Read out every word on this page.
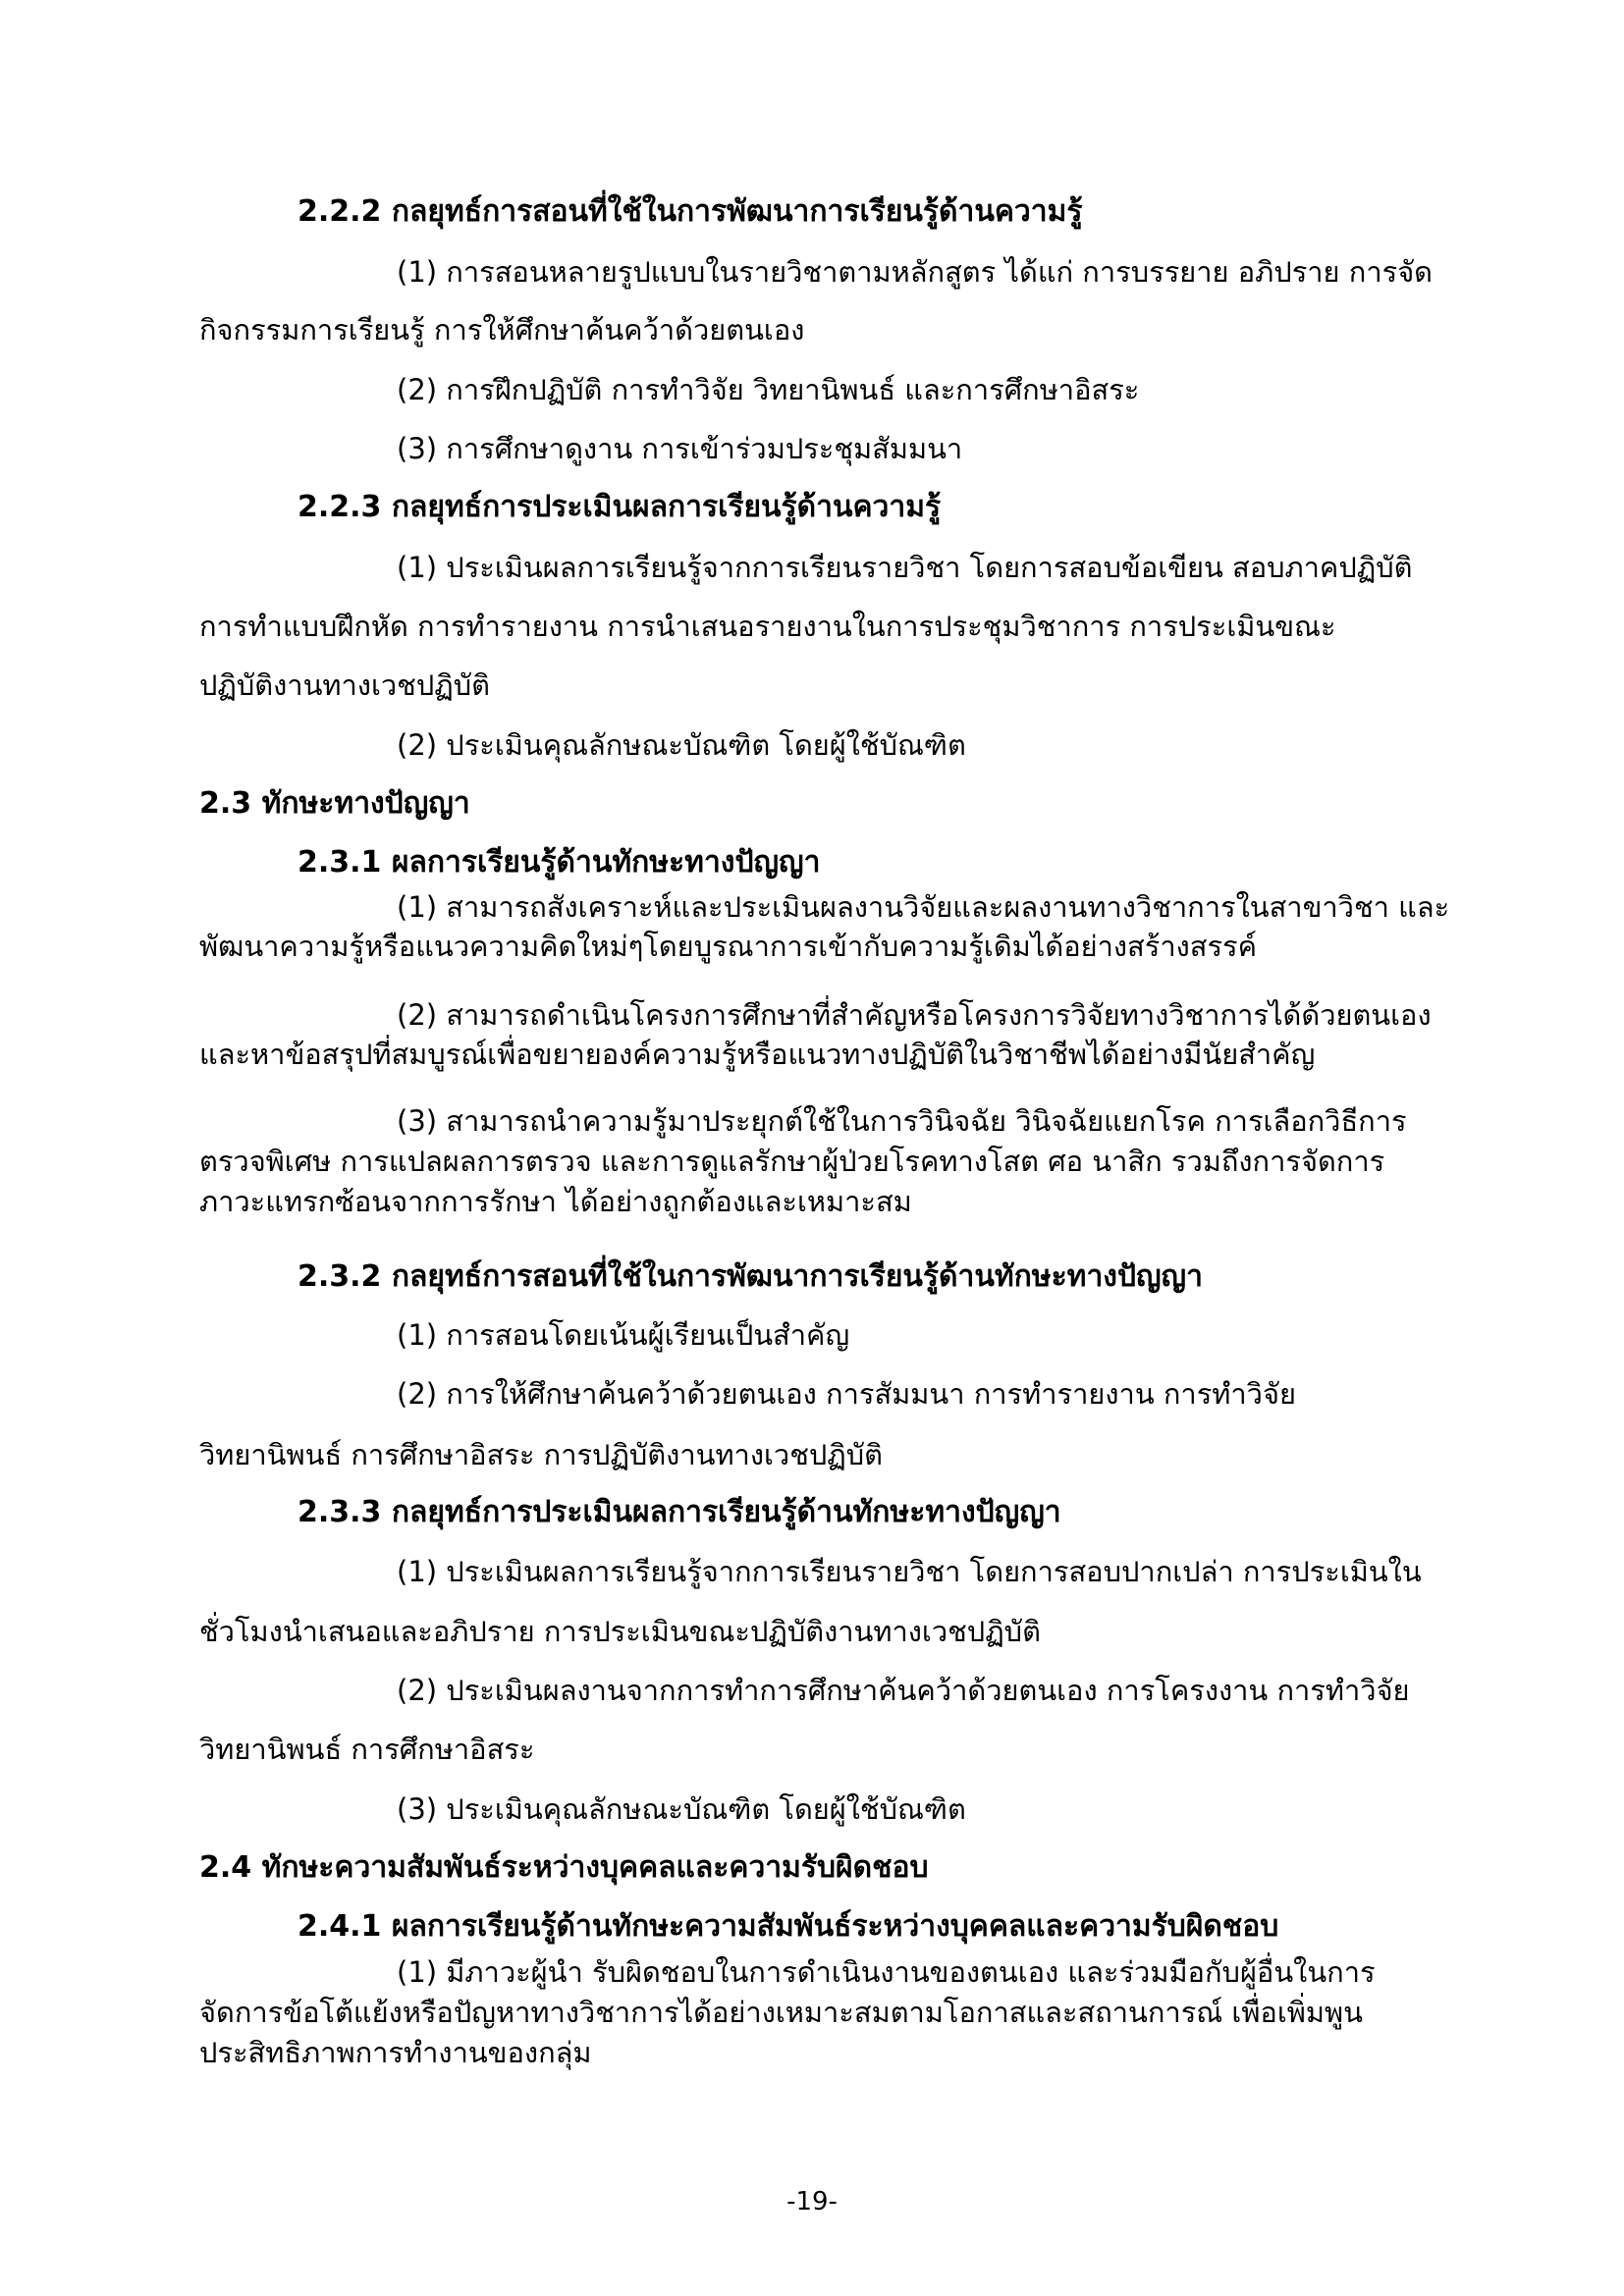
2.2.2 กลยุทธ์การสอนที่ใช้ในการพัฒนาการเรียนรู้ด้านความรู้
(1) การสอนหลายรูปแบบในรายวิชาตามหลักสูตร ได้แก่ การบรรยาย อภิปราย การจัด
กิจกรรมการเรียนรู้ การให้ศึกษาค้นคว้าด้วยตนเอง
(2) การฝึกปฏิบัติ การทำวิจัย วิทยานิพนธ์ และการศึกษาอิสระ
(3) การศึกษาดูงาน การเข้าร่วมประชุมสัมมนา
2.2.3 กลยุทธ์การประเมินผลการเรียนรู้ด้านความรู้
(1) ประเมินผลการเรียนรู้จากการเรียนรายวิชา โดยการสอบข้อเขียน สอบภาคปฏิบัติ
การทำแบบฝึกหัด การทำรายงาน การนำเสนอรายงานในการประชุมวิชาการ การประเมินขณะ
ปฏิบัติงานทางเวชปฏิบัติ
(2) ประเมินคุณลักษณะบัณฑิต โดยผู้ใช้บัณฑิต
2.3 ทักษะทางปัญญา
2.3.1 ผลการเรียนรู้ด้านทักษะทางปัญญา
(1) สามารถสังเคราะห์และประเมินผลงานวิจัยและผลงานทางวิชาการในสาขาวิชา และ
พัฒนาความรู้หรือแนวความคิดใหม่ๆโดยบูรณาการเข้ากับความรู้เดิมได้อย่างสร้างสรรค์
(2) สามารถดำเนินโครงการศึกษาที่สำคัญหรือโครงการวิจัยทางวิชาการได้ด้วยตนเอง
และหาข้อสรุปที่สมบูรณ์เพื่อขยายองค์ความรู้หรือแนวทางปฏิบัติในวิชาชีพได้อย่างมีนัยสำคัญ
(3) สามารถนำความรู้มาประยุกต์ใช้ในการวินิจฉัย วินิจฉัยแยกโรค การเลือกวิธีการ
ตรวจพิเศษ การแปลผลการตรวจ และการดูแลรักษาผู้ป่วยโรคทางโสต ศอ นาสิก รวมถึงการจัดการ
ภาวะแทรกซ้อนจากการรักษา ได้อย่างถูกต้องและเหมาะสม
2.3.2 กลยุทธ์การสอนที่ใช้ในการพัฒนาการเรียนรู้ด้านทักษะทางปัญญา
(1) การสอนโดยเน้นผู้เรียนเป็นสำคัญ
(2) การให้ศึกษาค้นคว้าด้วยตนเอง การสัมมนา การทำรายงาน การทำวิจัย
วิทยานิพนธ์ การศึกษาอิสระ การปฏิบัติงานทางเวชปฏิบัติ
2.3.3 กลยุทธ์การประเมินผลการเรียนรู้ด้านทักษะทางปัญญา
(1) ประเมินผลการเรียนรู้จากการเรียนรายวิชา โดยการสอบปากเปล่า การประเมินใน
ชั่วโมงนำเสนอและอภิปราย การประเมินขณะปฏิบัติงานทางเวชปฏิบัติ
(2) ประเมินผลงานจากการทำการศึกษาค้นคว้าด้วยตนเอง การโครงงาน การทำวิจัย
วิทยานิพนธ์ การศึกษาอิสระ
(3) ประเมินคุณลักษณะบัณฑิต โดยผู้ใช้บัณฑิต
2.4 ทักษะความสัมพันธ์ระหว่างบุคคลและความรับผิดชอบ
2.4.1 ผลการเรียนรู้ด้านทักษะความสัมพันธ์ระหว่างบุคคลและความรับผิดชอบ
(1) มีภาวะผู้นำ รับผิดชอบในการดำเนินงานของตนเอง และร่วมมือกับผู้อื่นในการ
จัดการข้อโต้แย้งหรือปัญหาทางวิชาการได้อย่างเหมาะสมตามโอกาสและสถานการณ์ เพื่อเพิ่มพูน
ประสิทธิภาพการทำงานของกลุ่ม
-19-
